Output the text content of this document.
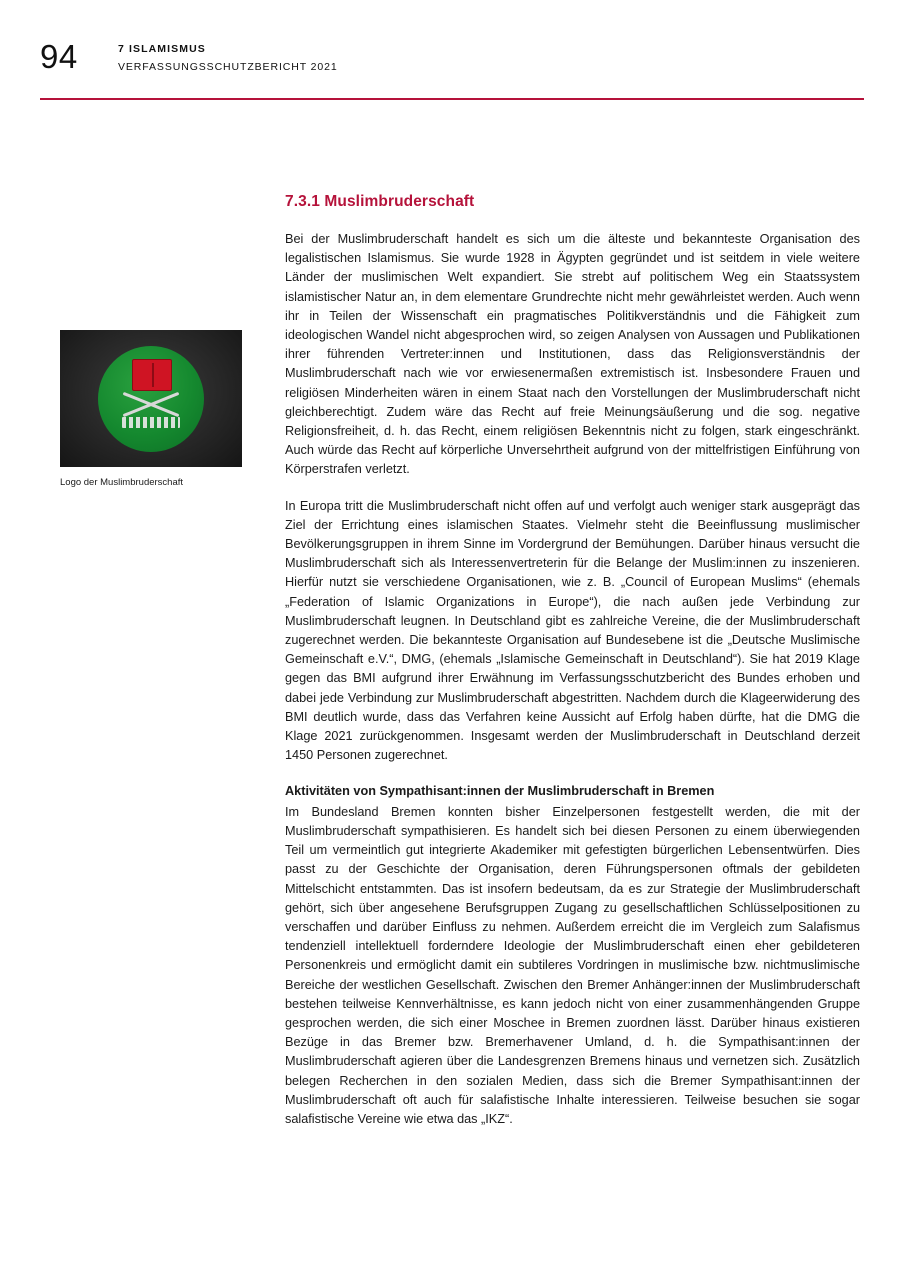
94	7 ISLAMISMUS
VERFASSUNGSSCHUTZBERICHT 2021
Logo der Muslimbruderschaft
7.3.1 Muslimbruderschaft

Bei der Muslimbruderschaft handelt es sich um die älteste und bekannteste Organisation des legalistischen Islamismus. Sie wurde 1928 in Ägypten gegründet und ist seitdem in viele weitere Länder der muslimischen Welt expandiert. Sie strebt auf politischem Weg ein Staatssystem islamistischer Natur an, in dem elementare Grundrechte nicht mehr gewährleistet werden. Auch wenn ihr in Teilen der Wissenschaft ein pragmatisches Politikverständnis und die Fähigkeit zum ideologischen Wandel nicht abgesprochen wird, so zeigen Analysen von Aussagen und Publikationen ihrer führenden Vertreter:innen und Institutionen, dass das Religionsverständnis der Muslimbruderschaft nach wie vor erwiesenermaßen extremistisch ist. Insbesondere Frauen und religiösen Minderheiten wären in einem Staat nach den Vorstellungen der Muslimbruderschaft nicht gleichberechtigt. Zudem wäre das Recht auf freie Meinungsäußerung und die sog. negative Religionsfreiheit, d. h. das Recht, einem religiösen Bekenntnis nicht zu folgen, stark eingeschränkt. Auch würde das Recht auf körperliche Unversehrtheit aufgrund von der mittelfristigen Einführung von Körperstrafen verletzt.

In Europa tritt die Muslimbruderschaft nicht offen auf und verfolgt auch weniger stark ausgeprägt das Ziel der Errichtung eines islamischen Staates. Vielmehr steht die Beeinflussung muslimischer Bevölkerungsgruppen in ihrem Sinne im Vordergrund der Bemühungen. Darüber hinaus versucht die Muslimbruderschaft sich als Interessenvertreterin für die Belange der Muslim:innen zu inszenieren. Hierfür nutzt sie verschiedene Organisationen, wie z. B. „Council of European Muslims“ (ehemals „Federation of Islamic Organizations in Europe“), die nach außen jede Verbindung zur Muslimbruderschaft leugnen. In Deutschland gibt es zahlreiche Vereine, die der Muslimbruderschaft zugerechnet werden. Die bekannteste Organisation auf Bundesebene ist die „Deutsche Muslimische Gemeinschaft e.V.“, DMG, (ehemals „Islamische Gemeinschaft in Deutschland“). Sie hat 2019 Klage gegen das BMI aufgrund ihrer Erwähnung im Verfassungsschutzbericht des Bundes erhoben und dabei jede Verbindung zur Muslimbruderschaft abgestritten. Nachdem durch die Klageerwiderung des BMI deutlich wurde, dass das Verfahren keine Aussicht auf Erfolg haben dürfte, hat die DMG die Klage 2021 zurückgenommen. Insgesamt werden der Muslimbruderschaft in Deutschland derzeit 1450 Personen zugerechnet.

Aktivitäten von Sympathisant:innen der Muslimbruderschaft in Bremen

Im Bundesland Bremen konnten bisher Einzelpersonen festgestellt werden, die mit der Muslimbruderschaft sympathisieren. Es handelt sich bei diesen Personen zu einem überwiegenden Teil um vermeintlich gut integrierte Akademiker mit gefestigten bürgerlichen Lebensentwürfen. Dies passt zu der Geschichte der Organisation, deren Führungspersonen oftmals der gebildeten Mittelschicht entstammten. Das ist insofern bedeutsam, da es zur Strategie der Muslimbruderschaft gehört, sich über angesehene Berufsgruppen Zugang zu gesellschaftlichen Schlüsselpositionen zu verschaffen und darüber Einfluss zu nehmen. Außerdem erreicht die im Vergleich zum Salafismus tendenziell intellektuell forderndere Ideologie der Muslimbruderschaft einen eher gebildeteren Personenkreis und ermöglicht damit ein subtileres Vordringen in muslimische bzw. nichtmuslimische Bereiche der westlichen Gesellschaft. Zwischen den Bremer Anhänger:innen der Muslimbruderschaft bestehen teilweise Kennverhältnisse, es kann jedoch nicht von einer zusammenhängenden Gruppe gesprochen werden, die sich einer Moschee in Bremen zuordnen lässt. Darüber hinaus existieren Bezüge in das Bremer bzw. Bremerhavener Umland, d. h. die Sympathisant:innen der Muslimbruderschaft agieren über die Landesgrenzen Bremens hinaus und vernetzen sich. Zusätzlich belegen Recherchen in den sozialen Medien, dass sich die Bremer Sympathisant:innen der Muslimbruderschaft oft auch für salafistische Inhalte interessieren. Teilweise besuchen sie sogar salafistische Vereine wie etwa das „IKZ“.
